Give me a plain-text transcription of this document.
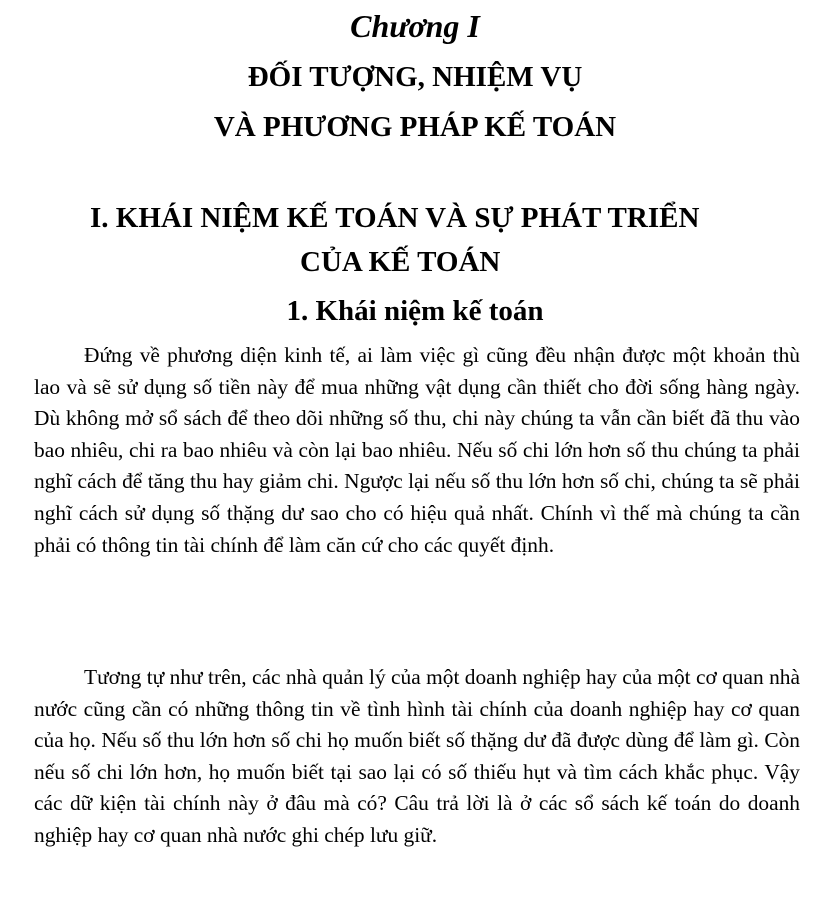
Chương I
ĐỐI TƯỢNG, NHIỆM VỤ
VÀ PHƯƠNG PHÁP KẾ TOÁN
I. KHÁI NIỆM KẾ TOÁN VÀ SỰ PHÁT TRIỂN
CỦA KẾ TOÁN
1. Khái niệm kế toán

Đứng về phương diện kinh tế, ai làm việc gì cũng đều nhận được một khoản thù lao và sẽ sử dụng số tiền này để mua những vật dụng cần thiết cho đời sống hàng ngày. Dù không mở sổ sách để theo dõi những số thu, chi này chúng ta vẫn cần biết đã thu vào bao nhiêu, chi ra bao nhiêu và còn lại bao nhiêu. Nếu số chi lớn hơn số thu chúng ta phải nghĩ cách để tăng thu hay giảm chi. Ngược lại nếu số thu lớn hơn số chi, chúng ta sẽ phải nghĩ cách sử dụng số thặng dư sao cho có hiệu quả nhất. Chính vì thế mà chúng ta cần phải có thông tin tài chính để làm căn cứ cho các quyết định.

Tương tự như trên, các nhà quản lý của một doanh nghiệp hay của một cơ quan nhà nước cũng cần có những thông tin về tình hình tài chính của doanh nghiệp hay cơ quan của họ. Nếu số thu lớn hơn số chi họ muốn biết số thặng dư đã được dùng để làm gì. Còn nếu số chi lớn hơn, họ muốn biết tại sao lại có số thiếu hụt và tìm cách khắc phục. Vậy các dữ kiện tài chính này ở đâu mà có? Câu trả lời là ở các sổ sách kế toán do doanh nghiệp hay cơ quan nhà nước ghi chép lưu giữ.
